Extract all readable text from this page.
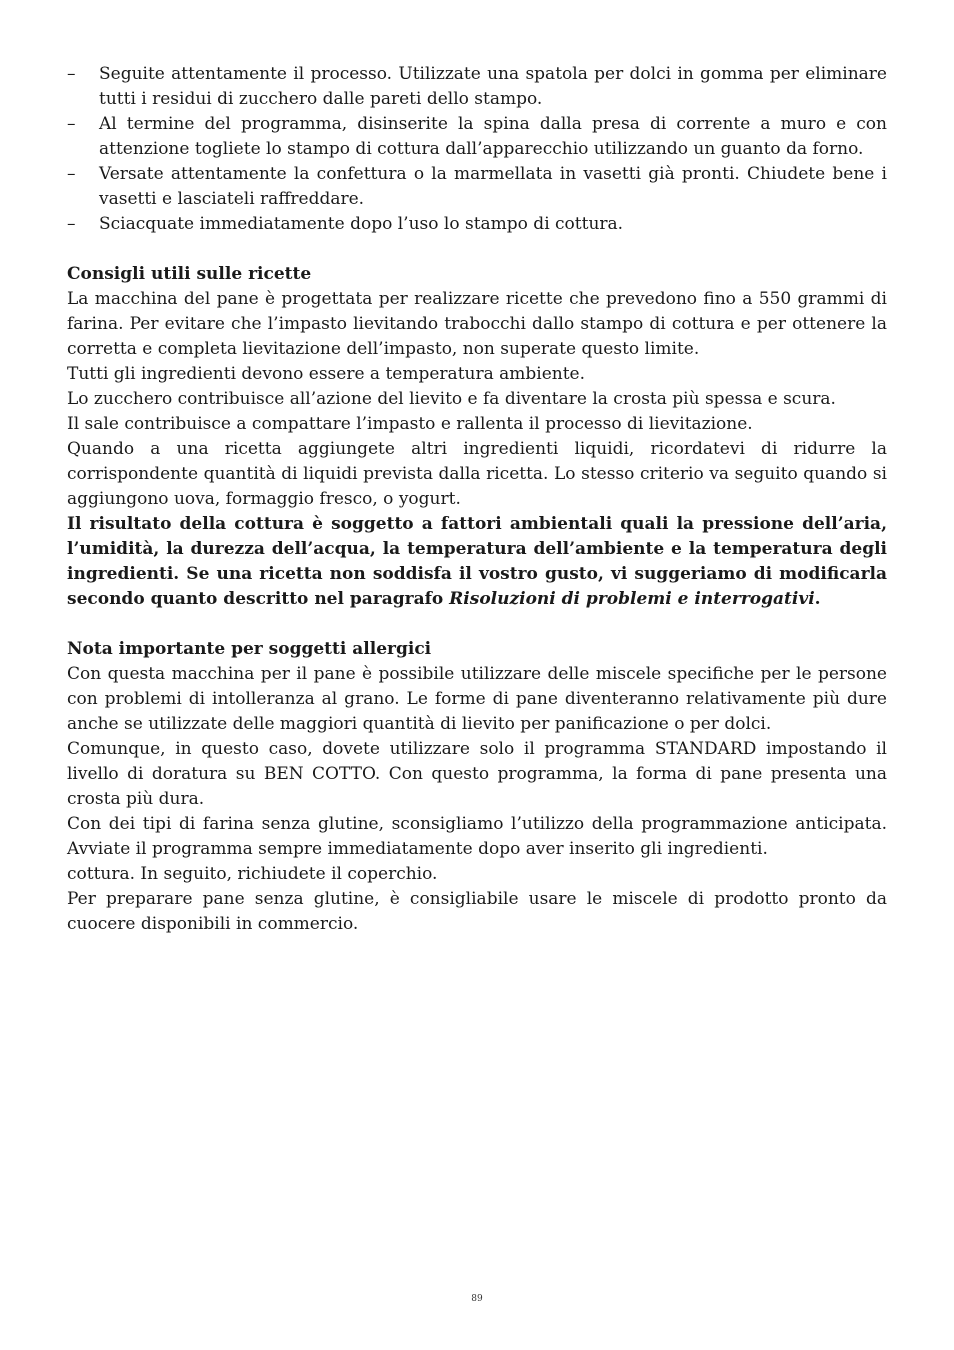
– Seguite attentamente il processo. Utilizzate una spatola per dolci in gomma per eliminare tutti i residui di zucchero dalle pareti dello stampo.
– Al termine del programma, disinserite la spina dalla presa di corrente a muro e con attenzione togliete lo stampo di cottura dall’apparecchio utilizzando un guanto da forno.
– Versate attentamente la confettura o la marmellata in vasetti già pronti. Chiudete bene i vasetti e lasciateli raffreddare.
– Sciacquate immediatamente dopo l’uso lo stampo di cottura.
Consigli utili sulle ricette

La macchina del pane è progettata per realizzare ricette che prevedono fino a 550 grammi di farina. Per evitare che l’impasto lievitando trabocchi dallo stampo di cottura e per ottenere la corretta e completa lievitazione dell’impasto, non superate questo limite.

Tutti gli ingredienti devono essere a temperatura ambiente.

Lo zucchero contribuisce all’azione del lievito e fa diventare la crosta più spessa e scura.

Il sale contribuisce a compattare l’impasto e rallenta il processo di lievitazione.

Quando a una ricetta aggiungete altri ingredienti liquidi, ricordatevi di ridurre la corrispondente quantità di liquidi prevista dalla ricetta. Lo stesso criterio va seguito quando si aggiungono uova, formaggio fresco, o yogurt.

Il risultato della cottura è soggetto a fattori ambientali quali la pressione dell’aria, l’umidità, la durezza dell’acqua, la temperatura dell’ambiente e la temperatura degli ingredienti. Se una ricetta non soddisfa il vostro gusto, vi suggeriamo di modificarla secondo quanto descritto nel paragrafo Risoluzioni di problemi e interrogativi.

Nota importante per soggetti allergici

Con questa macchina per il pane è possibile utilizzare delle miscele specifiche per le persone con problemi di intolleranza al grano. Le forme di pane diventeranno relativamente più dure anche se utilizzate delle maggiori quantità di lievito per panificazione o per dolci.

Comunque, in questo caso, dovete utilizzare solo il programma STANDARD impostando il livello di doratura su BEN COTTO. Con questo programma, la forma di pane presenta una crosta più dura.

Con dei tipi di farina senza glutine, sconsigliamo l’utilizzo della programmazione anticipata. Avviate il programma sempre immediatamente dopo aver inserito gli ingredienti.

cottura. In seguito, richiudete il coperchio.

Per preparare pane senza glutine, è consigliabile usare le miscele di prodotto pronto da cuocere disponibili in commercio.

89
